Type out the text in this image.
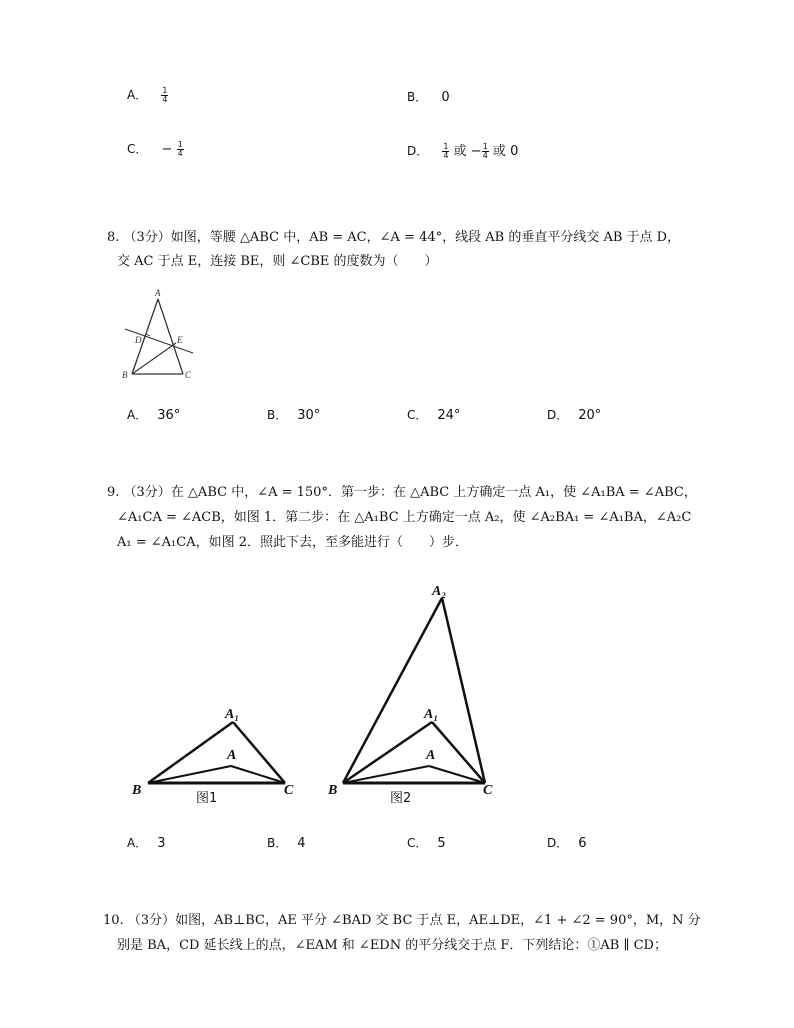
A． $\frac{1}{4}$	B． 0
C． − $\frac{1}{4}$	D． $\frac{1}{4}$ 或 − $\frac{1}{4}$ 或 0
8. （3分）如图，等腰 △ABC 中，AB = AC，∠A = 44°，线段 AB 的垂直平分线交 AB 于点 D，
交 AC 于点 E，连接 BE，则 ∠CBE 的度数为（　　）
A
D	E
B	C
A． 36°	B． 30°	C． 24°	D． 20°
9. （3分）在 △ABC 中，∠A = 150°．第一步：在 △ABC 上方确定一点 A₁，使 ∠A₁BA = ∠ABC，
∠A₁CA = ∠ACB，如图 1．第二步：在 △A₁BC 上方确定一点 A₂，使 ∠A₂BA₁ = ∠A₁BA，∠A₂C
A₁ = ∠A₁CA，如图 2．照此下去，至多能进行（　　）步．
A₁
A
B	C
图1
A₂
A₁
A
B	C
图2
A． 3	B． 4	C． 5	D． 6
10. （3分）如图，AB⊥BC，AE 平分 ∠BAD 交 BC 于点 E，AE⊥DE，∠1 + ∠2 = 90°，M，N 分
别是 BA，CD 延长线上的点，∠EAM 和 ∠EDN 的平分线交于点 F．下列结论：①AB ∥ CD；
